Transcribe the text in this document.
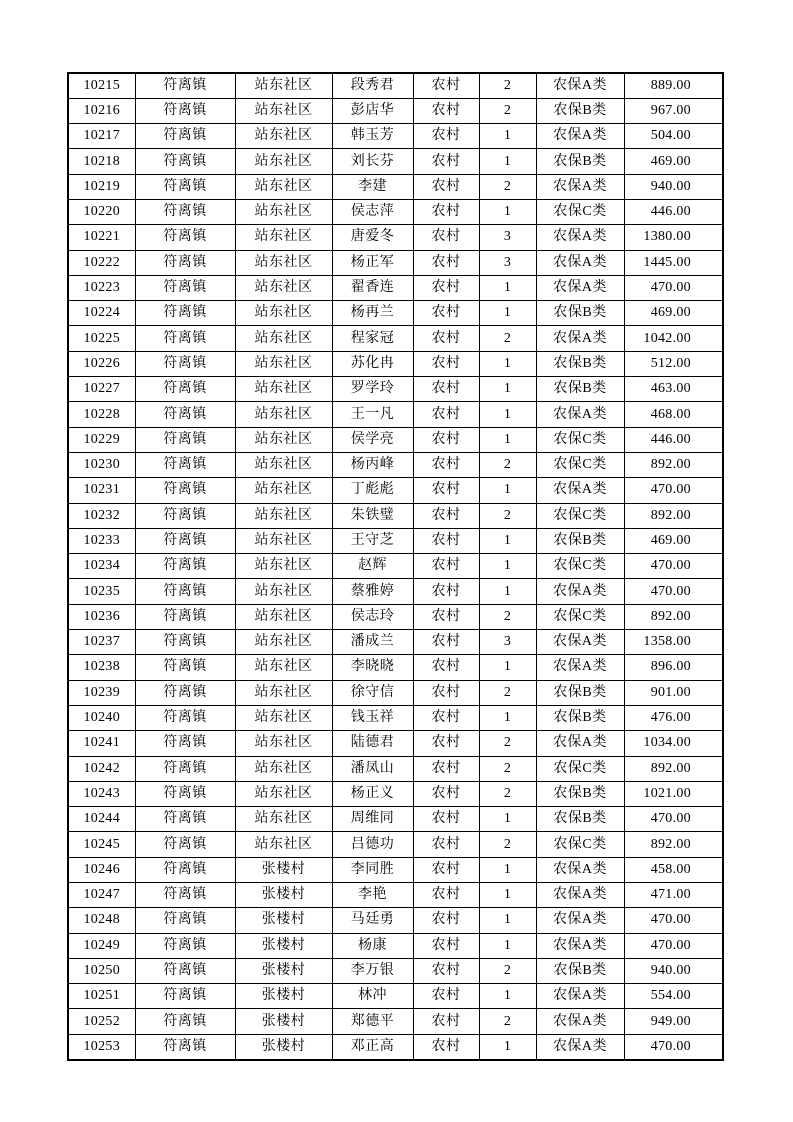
10215	符离镇	站东社区	段秀君	农村	2	农保A类	889.00
10216	符离镇	站东社区	彭店华	农村	2	农保B类	967.00
10217	符离镇	站东社区	韩玉芳	农村	1	农保A类	504.00
10218	符离镇	站东社区	刘长芬	农村	1	农保B类	469.00
10219	符离镇	站东社区	李建	农村	2	农保A类	940.00
10220	符离镇	站东社区	侯志萍	农村	1	农保C类	446.00
10221	符离镇	站东社区	唐爱冬	农村	3	农保A类	1380.00
10222	符离镇	站东社区	杨正军	农村	3	农保A类	1445.00
10223	符离镇	站东社区	翟香连	农村	1	农保A类	470.00
10224	符离镇	站东社区	杨再兰	农村	1	农保B类	469.00
10225	符离镇	站东社区	程家冠	农村	2	农保A类	1042.00
10226	符离镇	站东社区	苏化冉	农村	1	农保B类	512.00
10227	符离镇	站东社区	罗学玲	农村	1	农保B类	463.00
10228	符离镇	站东社区	王一凡	农村	1	农保A类	468.00
10229	符离镇	站东社区	侯学亮	农村	1	农保C类	446.00
10230	符离镇	站东社区	杨丙峰	农村	2	农保C类	892.00
10231	符离镇	站东社区	丁彪彪	农村	1	农保A类	470.00
10232	符离镇	站东社区	朱铁璧	农村	2	农保C类	892.00
10233	符离镇	站东社区	王守芝	农村	1	农保B类	469.00
10234	符离镇	站东社区	赵辉	农村	1	农保C类	470.00
10235	符离镇	站东社区	蔡雅婷	农村	1	农保A类	470.00
10236	符离镇	站东社区	侯志玲	农村	2	农保C类	892.00
10237	符离镇	站东社区	潘成兰	农村	3	农保A类	1358.00
10238	符离镇	站东社区	李晓晓	农村	1	农保A类	896.00
10239	符离镇	站东社区	徐守信	农村	2	农保B类	901.00
10240	符离镇	站东社区	钱玉祥	农村	1	农保B类	476.00
10241	符离镇	站东社区	陆德君	农村	2	农保A类	1034.00
10242	符离镇	站东社区	潘凤山	农村	2	农保C类	892.00
10243	符离镇	站东社区	杨正义	农村	2	农保B类	1021.00
10244	符离镇	站东社区	周维同	农村	1	农保B类	470.00
10245	符离镇	站东社区	吕德功	农村	2	农保C类	892.00
10246	符离镇	张楼村	李同胜	农村	1	农保A类	458.00
10247	符离镇	张楼村	李艳	农村	1	农保A类	471.00
10248	符离镇	张楼村	马廷勇	农村	1	农保A类	470.00
10249	符离镇	张楼村	杨康	农村	1	农保A类	470.00
10250	符离镇	张楼村	李万银	农村	2	农保B类	940.00
10251	符离镇	张楼村	林冲	农村	1	农保A类	554.00
10252	符离镇	张楼村	郑德平	农村	2	农保A类	949.00
10253	符离镇	张楼村	邓正高	农村	1	农保A类	470.00
